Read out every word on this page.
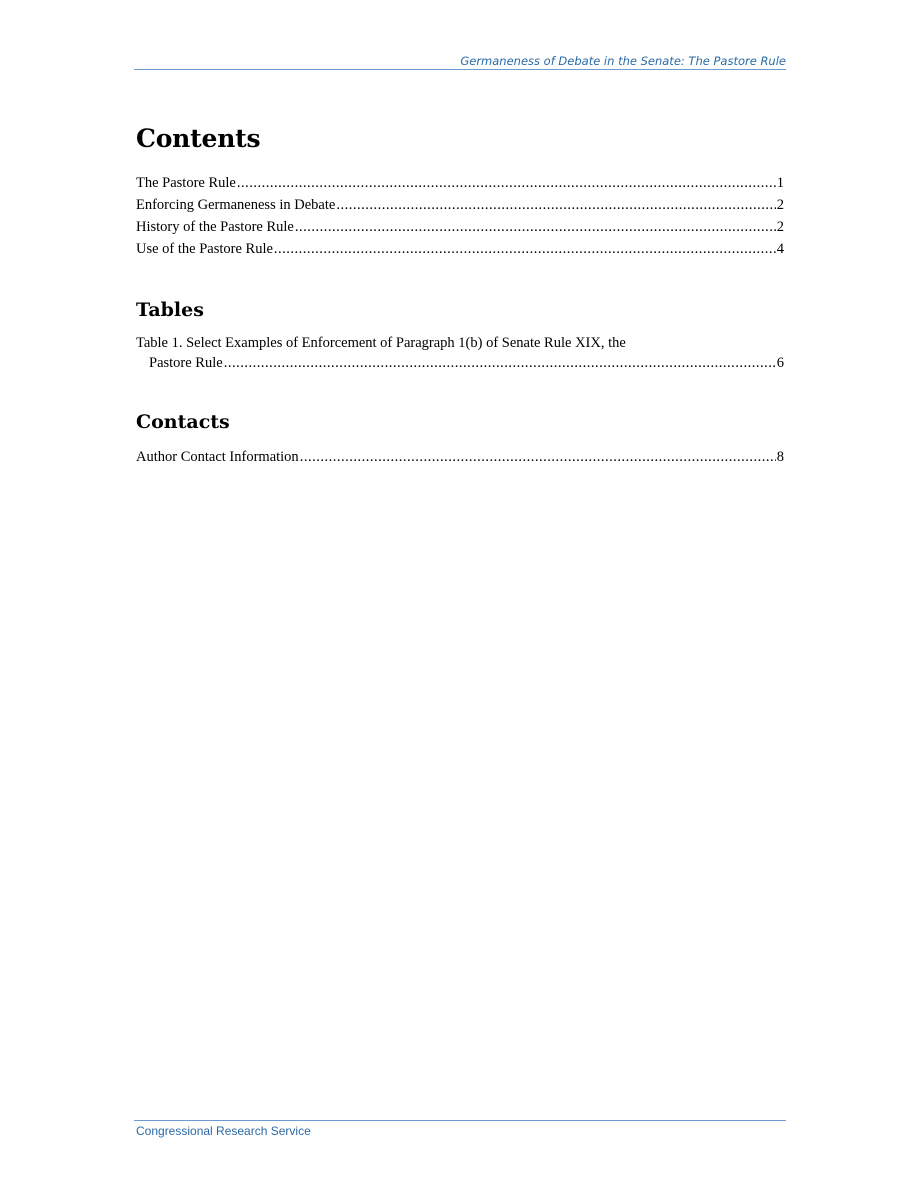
Germaneness of Debate in the Senate: The Pastore Rule
Contents
The Pastore Rule .....	1
Enforcing Germaneness in Debate .....	2
History of the Pastore Rule .....	2
Use of the Pastore Rule .....	4
Tables
Table 1. Select Examples of Enforcement of Paragraph 1(b) of Senate Rule XIX, the
Pastore Rule .....	6
Contacts
Author Contact Information .....	8
Congressional Research Service
